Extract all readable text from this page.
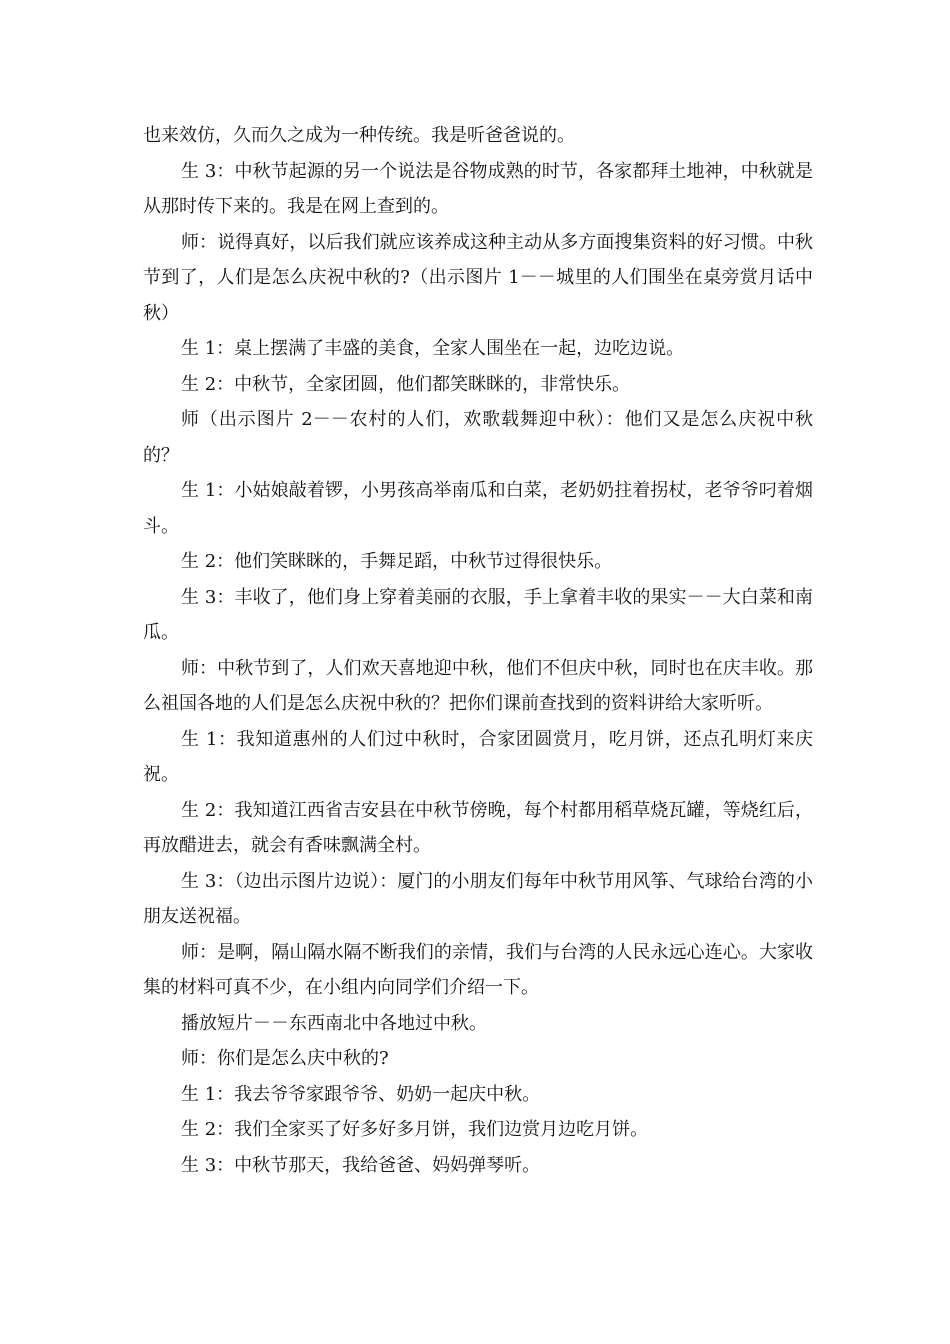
也来效仿，久而久之成为一种传统。我是听爸爸说的。

生 3：中秋节起源的另一个说法是谷物成熟的时节，各家都拜土地神，中秋就是从那时传下来的。我是在网上查到的。

师：说得真好，以后我们就应该养成这种主动从多方面搜集资料的好习惯。中秋节到了，人们是怎么庆祝中秋的?（出示图片 1－－城里的人们围坐在桌旁赏月话中秋）

生 1：桌上摆满了丰盛的美食，全家人围坐在一起，边吃边说。

生 2：中秋节，全家团圆，他们都笑眯眯的，非常快乐。

师（出示图片 2－－农村的人们，欢歌载舞迎中秋）：他们又是怎么庆祝中秋的？

生 1：小姑娘敲着锣，小男孩高举南瓜和白菜，老奶奶拄着拐杖，老爷爷叼着烟斗。

生 2：他们笑眯眯的，手舞足蹈，中秋节过得很快乐。

生 3：丰收了，他们身上穿着美丽的衣服，手上拿着丰收的果实－－大白菜和南瓜。

师：中秋节到了，人们欢天喜地迎中秋，他们不但庆中秋，同时也在庆丰收。那么祖国各地的人们是怎么庆祝中秋的？把你们课前查找到的资料讲给大家听听。

生 1：我知道惠州的人们过中秋时，合家团圆赏月，吃月饼，还点孔明灯来庆祝。

生 2：我知道江西省吉安县在中秋节傍晚，每个村都用稻草烧瓦罐，等烧红后，再放醋进去，就会有香味飘满全村。

生 3：（边出示图片边说）：厦门的小朋友们每年中秋节用风筝、气球给台湾的小朋友送祝福。

师：是啊，隔山隔水隔不断我们的亲情，我们与台湾的人民永远心连心。大家收集的材料可真不少，在小组内向同学们介绍一下。

播放短片－－东西南北中各地过中秋。

师：你们是怎么庆中秋的?

生 1：我去爷爷家跟爷爷、奶奶一起庆中秋。

生 2：我们全家买了好多好多月饼，我们边赏月边吃月饼。

生 3：中秋节那天，我给爸爸、妈妈弹琴听。
